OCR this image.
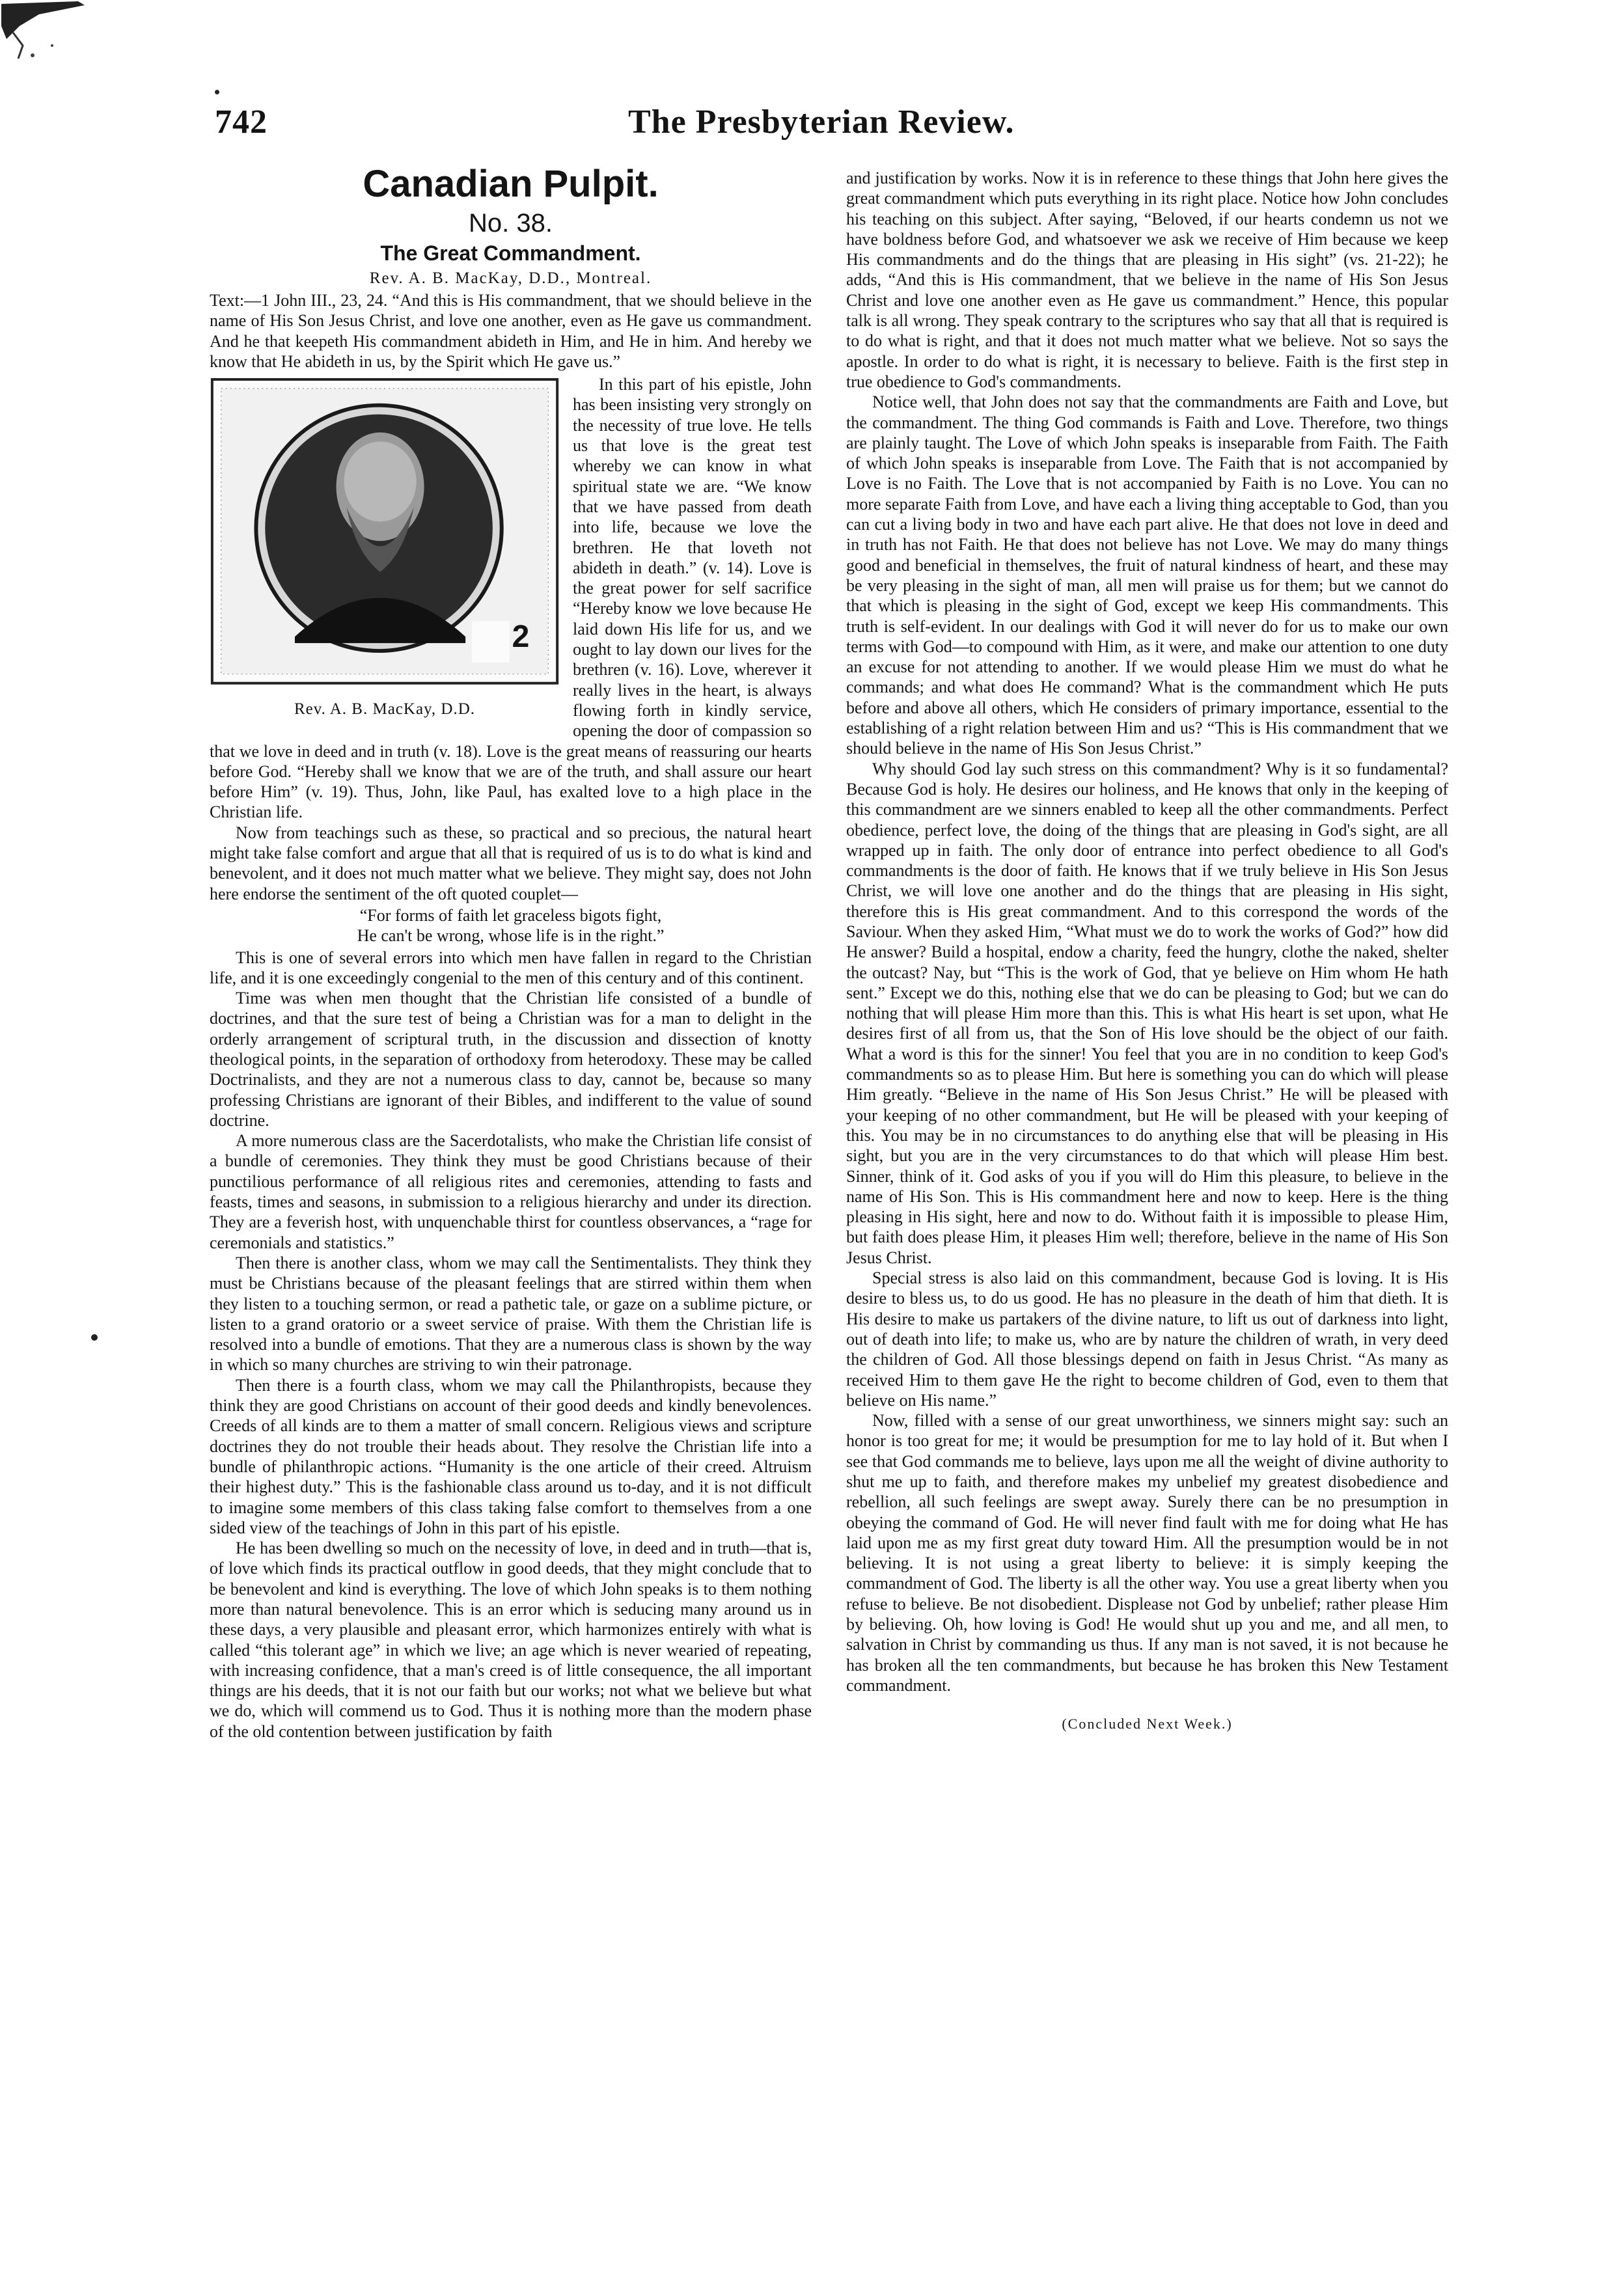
742	The Presbyterian Review.
Canadian Pulpit.
No. 38.
The Great Commandment.
Rev. A. B. MacKay, D.D., Montreal.

Text:—1 John III., 23, 24. “And this is His commandment, that we should believe in the name of His Son Jesus Christ, and love one another, even as He gave us commandment. And he that keepeth His commandment abideth in Him, and He in him. And hereby we know that He abideth in us, by the Spirit which He gave us.”

2
Rev. A. B. MacKay, D.D.

In this part of his epistle, John has been insisting very strongly on the necessity of true love. He tells us that love is the great test whereby we can know in what spiritual state we are. “We know that we have passed from death into life, because we love the brethren. He that loveth not abideth in death.” (v. 14). Love is the great power for self sacrifice “Hereby know we love because He laid down His life for us, and we ought to lay down our lives for the brethren (v. 16). Love, wherever it really lives in the heart, is always flowing forth in kindly service, opening the door of compassion so that we love in deed and in truth (v. 18). Love is the great means of reassuring our hearts before God. “Hereby shall we know that we are of the truth, and shall assure our heart before Him” (v. 19). Thus, John, like Paul, has exalted love to a high place in the Christian life.

Now from teachings such as these, so practical and so precious, the natural heart might take false comfort and argue that all that is required of us is to do what is kind and benevolent, and it does not much matter what we believe. They might say, does not John here endorse the sentiment of the oft quoted couplet—

“For forms of faith let graceless bigots fight,
He can't be wrong, whose life is in the right.”

This is one of several errors into which men have fallen in regard to the Christian life, and it is one exceedingly congenial to the men of this century and of this continent.

Time was when men thought that the Christian life consisted of a bundle of doctrines, and that the sure test of being a Christian was for a man to delight in the orderly arrangement of scriptural truth, in the discussion and dissection of knotty theological points, in the separation of orthodoxy from heterodoxy. These may be called Doctrinalists, and they are not a numerous class to day, cannot be, because so many professing Christians are ignorant of their Bibles, and indifferent to the value of sound doctrine.

A more numerous class are the Sacerdotalists, who make the Christian life consist of a bundle of ceremonies. They think they must be good Christians because of their punctilious performance of all religious rites and ceremonies, attending to fasts and feasts, times and seasons, in submission to a religious hierarchy and under its direction. They are a feverish host, with unquenchable thirst for countless observances, a “rage for ceremonials and statistics.”

Then there is another class, whom we may call the Sentimentalists. They think they must be Christians because of the pleasant feelings that are stirred within them when they listen to a touching sermon, or read a pathetic tale, or gaze on a sublime picture, or listen to a grand oratorio or a sweet service of praise. With them the Christian life is resolved into a bundle of emotions. That they are a numerous class is shown by the way in which so many churches are striving to win their patronage.

Then there is a fourth class, whom we may call the Philanthropists, because they think they are good Christians on account of their good deeds and kindly benevolences. Creeds of all kinds are to them a matter of small concern. Religious views and scripture doctrines they do not trouble their heads about. They resolve the Christian life into a bundle of philanthropic actions. “Humanity is the one article of their creed. Altruism their highest duty.” This is the fashionable class around us to-day, and it is not difficult to imagine some members of this class taking false comfort to themselves from a one sided view of the teachings of John in this part of his epistle.

He has been dwelling so much on the necessity of love, in deed and in truth—that is, of love which finds its practical outflow in good deeds, that they might conclude that to be benevolent and kind is everything. The love of which John speaks is to them nothing more than natural benevolence. This is an error which is seducing many around us in these days, a very plausible and pleasant error, which harmonizes entirely with what is called “this tolerant age” in which we live; an age which is never wearied of repeating, with increasing confidence, that a man's creed is of little consequence, the all important things are his deeds, that it is not our faith but our works; not what we believe but what we do, which will commend us to God. Thus it is nothing more than the modern phase of the old contention between justification by faith

and justification by works. Now it is in reference to these things that John here gives the great commandment which puts everything in its right place. Notice how John concludes his teaching on this subject. After saying, “Beloved, if our hearts condemn us not we have boldness before God, and whatsoever we ask we receive of Him because we keep His commandments and do the things that are pleasing in His sight” (vs. 21-22); he adds, “And this is His commandment, that we believe in the name of His Son Jesus Christ and love one another even as He gave us commandment.” Hence, this popular talk is all wrong. They speak contrary to the scriptures who say that all that is required is to do what is right, and that it does not much matter what we believe. Not so says the apostle. In order to do what is right, it is necessary to believe. Faith is the first step in true obedience to God's commandments.

Notice well, that John does not say that the commandments are Faith and Love, but the commandment. The thing God commands is Faith and Love. Therefore, two things are plainly taught. The Love of which John speaks is inseparable from Faith. The Faith of which John speaks is inseparable from Love. The Faith that is not accompanied by Love is no Faith. The Love that is not accompanied by Faith is no Love. You can no more separate Faith from Love, and have each a living thing acceptable to God, than you can cut a living body in two and have each part alive. He that does not love in deed and in truth has not Faith. He that does not believe has not Love. We may do many things good and beneficial in themselves, the fruit of natural kindness of heart, and these may be very pleasing in the sight of man, all men will praise us for them; but we cannot do that which is pleasing in the sight of God, except we keep His commandments. This truth is self-evident. In our dealings with God it will never do for us to make our own terms with God—to compound with Him, as it were, and make our attention to one duty an excuse for not attending to another. If we would please Him we must do what he commands; and what does He command? What is the commandment which He puts before and above all others, which He considers of primary importance, essential to the establishing of a right relation between Him and us? “This is His commandment that we should believe in the name of His Son Jesus Christ.”

Why should God lay such stress on this commandment? Why is it so fundamental? Because God is holy. He desires our holiness, and He knows that only in the keeping of this commandment are we sinners enabled to keep all the other commandments. Perfect obedience, perfect love, the doing of the things that are pleasing in God's sight, are all wrapped up in faith. The only door of entrance into perfect obedience to all God's commandments is the door of faith. He knows that if we truly believe in His Son Jesus Christ, we will love one another and do the things that are pleasing in His sight, therefore this is His great commandment. And to this correspond the words of the Saviour. When they asked Him, “What must we do to work the works of God?” how did He answer? Build a hospital, endow a charity, feed the hungry, clothe the naked, shelter the outcast? Nay, but “This is the work of God, that ye believe on Him whom He hath sent.” Except we do this, nothing else that we do can be pleasing to God; but we can do nothing that will please Him more than this. This is what His heart is set upon, what He desires first of all from us, that the Son of His love should be the object of our faith. What a word is this for the sinner! You feel that you are in no condition to keep God's commandments so as to please Him. But here is something you can do which will please Him greatly. “Believe in the name of His Son Jesus Christ.” He will be pleased with your keeping of no other commandment, but He will be pleased with your keeping of this. You may be in no circumstances to do anything else that will be pleasing in His sight, but you are in the very circumstances to do that which will please Him best. Sinner, think of it. God asks of you if you will do Him this pleasure, to believe in the name of His Son. This is His commandment here and now to keep. Here is the thing pleasing in His sight, here and now to do. Without faith it is impossible to please Him, but faith does please Him, it pleases Him well; therefore, believe in the name of His Son Jesus Christ.

Special stress is also laid on this commandment, because God is loving. It is His desire to bless us, to do us good. He has no pleasure in the death of him that dieth. It is His desire to make us partakers of the divine nature, to lift us out of darkness into light, out of death into life; to make us, who are by nature the children of wrath, in very deed the children of God. All those blessings depend on faith in Jesus Christ. “As many as received Him to them gave He the right to become children of God, even to them that believe on His name.”

Now, filled with a sense of our great unworthiness, we sinners might say: such an honor is too great for me; it would be presumption for me to lay hold of it. But when I see that God commands me to believe, lays upon me all the weight of divine authority to shut me up to faith, and therefore makes my unbelief my greatest disobedience and rebellion, all such feelings are swept away. Surely there can be no presumption in obeying the command of God. He will never find fault with me for doing what He has laid upon me as my first great duty toward Him. All the presumption would be in not believing. It is not using a great liberty to believe: it is simply keeping the commandment of God. The liberty is all the other way. You use a great liberty when you refuse to believe. Be not disobedient. Displease not God by unbelief; rather please Him by believing. Oh, how loving is God! He would shut up you and me, and all men, to salvation in Christ by commanding us thus. If any man is not saved, it is not because he has broken all the ten commandments, but because he has broken this New Testament commandment.

(Concluded Next Week.)
